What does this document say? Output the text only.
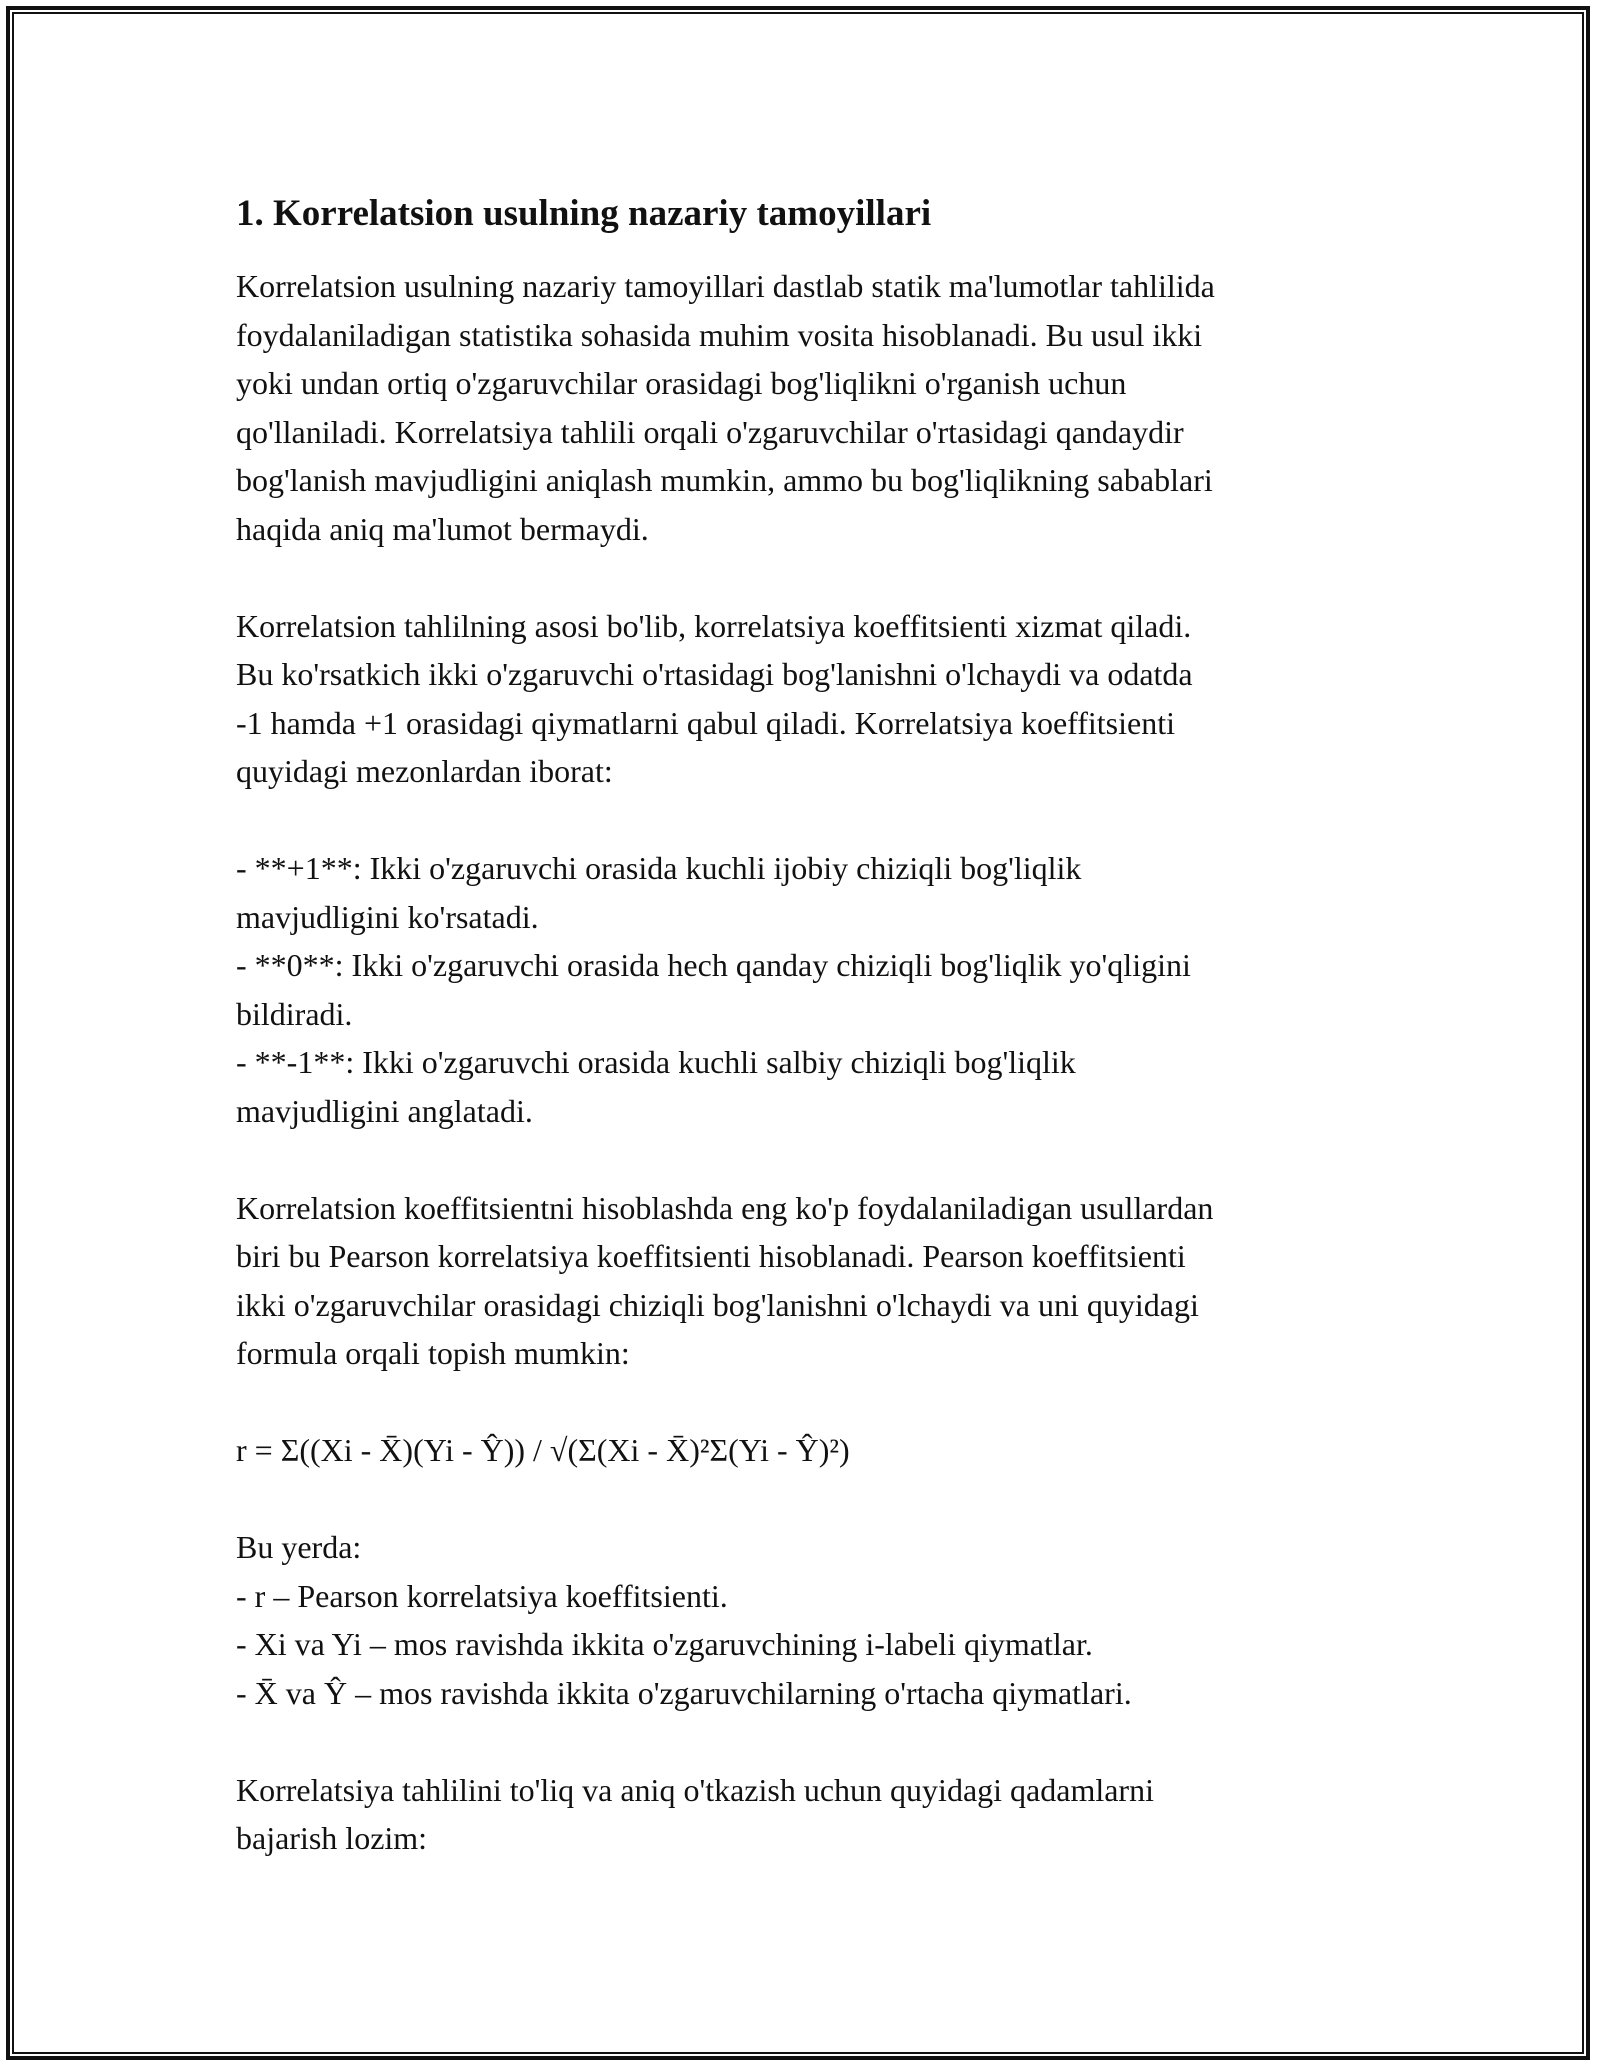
1. Korrelatsion usulning nazariy tamoyillari

Korrelatsion usulning nazariy tamoyillari dastlab statik ma'lumotlar tahlilida
foydalaniladigan statistika sohasida muhim vosita hisoblanadi. Bu usul ikki
yoki undan ortiq o'zgaruvchilar orasidagi bog'liqlikni o'rganish uchun
qo'llaniladi. Korrelatsiya tahlili orqali o'zgaruvchilar o'rtasidagi qandaydir
bog'lanish mavjudligini aniqlash mumkin, ammo bu bog'liqlikning sabablari
haqida aniq ma'lumot bermaydi.

Korrelatsion tahlilning asosi bo'lib, korrelatsiya koeffitsienti xizmat qiladi.
Bu ko'rsatkich ikki o'zgaruvchi o'rtasidagi bog'lanishni o'lchaydi va odatda
-1 hamda +1 orasidagi qiymatlarni qabul qiladi. Korrelatsiya koeffitsienti
quyidagi mezonlardan iborat:

- **+1**: Ikki o'zgaruvchi orasida kuchli ijobiy chiziqli bog'liqlik
mavjudligini ko'rsatadi.
- **0**: Ikki o'zgaruvchi orasida hech qanday chiziqli bog'liqlik yo'qligini
bildiradi.
- **-1**: Ikki o'zgaruvchi orasida kuchli salbiy chiziqli bog'liqlik
mavjudligini anglatadi.

Korrelatsion koeffitsientni hisoblashda eng ko'p foydalaniladigan usullardan
biri bu Pearson korrelatsiya koeffitsienti hisoblanadi. Pearson koeffitsienti
ikki o'zgaruvchilar orasidagi chiziqli bog'lanishni o'lchaydi va uni quyidagi
formula orqali topish mumkin:

r = Σ((Xi - X̄)(Yi - Ŷ)) / √(Σ(Xi - X̄)²Σ(Yi - Ŷ)²)

Bu yerda:
- r – Pearson korrelatsiya koeffitsienti.
- Xi va Yi – mos ravishda ikkita o'zgaruvchining i-labeli qiymatlar.
- X̄ va Ŷ – mos ravishda ikkita o'zgaruvchilarning o'rtacha qiymatlari.

Korrelatsiya tahlilini to'liq va aniq o'tkazish uchun quyidagi qadamlarni
bajarish lozim:
